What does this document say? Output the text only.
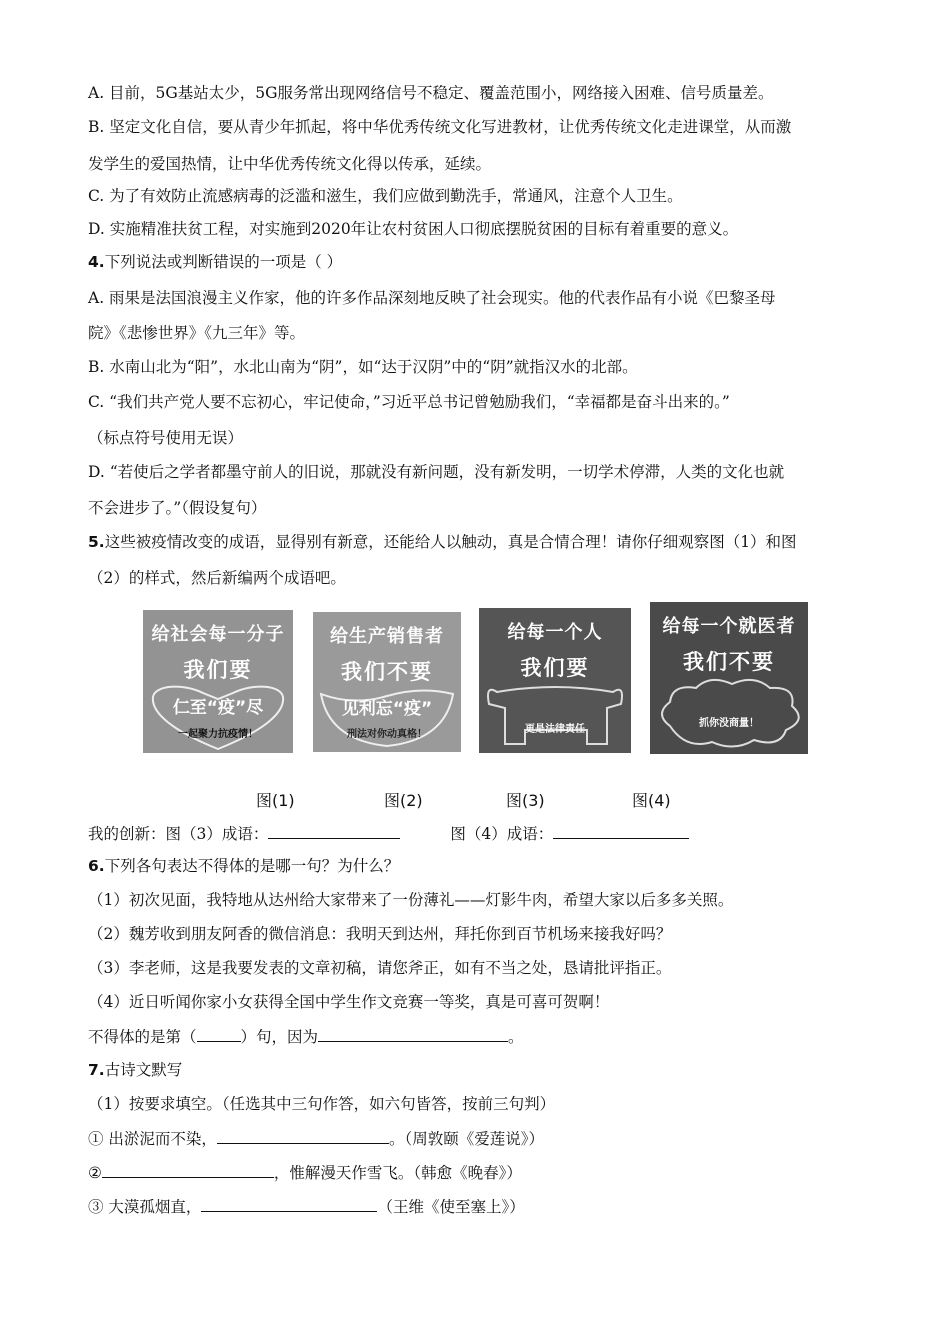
A. 目前，5G基站太少，5G服务常出现网络信号不稳定、覆盖范围小，网络接入困难、信号质量差。
B. 坚定文化自信，要从青少年抓起，将中华优秀传统文化写进教材，让优秀传统文化走进课堂，从而激
发学生的爱国热情，让中华优秀传统文化得以传承，延续。
C. 为了有效防止流感病毒的泛滥和滋生，我们应做到勤洗手，常通风，注意个人卫生。
D. 实施精准扶贫工程，对实施到2020年让农村贫困人口彻底摆脱贫困的目标有着重要的意义。
4.下列说法或判断错误的一项是（ ）
A. 雨果是法国浪漫主义作家，他的许多作品深刻地反映了社会现实。他的代表作品有小说《巴黎圣母
院》《悲惨世界》《九三年》等。
B. 水南山北为“阳”，水北山南为“阴”，如“达于汉阴”中的“阴”就指汉水的北部。
C. “我们共产党人要不忘初心，牢记使命，”习近平总书记曾勉励我们，“幸福都是奋斗出来的。”
（标点符号使用无误）
D. “若使后之学者都墨守前人的旧说，那就没有新问题，没有新发明，一切学术停滞，人类的文化也就
不会进步了。”（假设复句）
5.这些被疫情改变的成语，显得别有新意，还能给人以触动，真是合情合理！请你仔细观察图（1）和图
（2）的样式，然后新编两个成语吧。
给社会每一分子
我们要
仁至“疫”尽
一起聚力抗疫情！
给生产销售者
我们不要
见利忘“疫”
刑法对你动真格！
给每一个人
我们要
更是法律责任
给每一个就医者
我们不要
抓你没商量！
图(1)	图(2)	图(3)	图(4)
我的创新：图（3）成语：	图（4）成语：
6.下列各句表达不得体的是哪一句？为什么？
（1）初次见面，我特地从达州给大家带来了一份薄礼——灯影牛肉，希望大家以后多多关照。
（2）魏芳收到朋友阿香的微信消息：我明天到达州，拜托你到百节机场来接我好吗？
（3）李老师，这是我要发表的文章初稿，请您斧正，如有不当之处，恳请批评指正。
（4）近日听闻你家小女获得全国中学生作文竞赛一等奖，真是可喜可贺啊！
不得体的是第（	）句，因为	。
7.古诗文默写
（1）按要求填空。（任选其中三句作答，如六句皆答，按前三句判）
① 出淤泥而不染，	。（周敦颐《爱莲说》）
②	，惟解漫天作雪飞。（韩愈《晚春》）
③ 大漠孤烟直，	（王维《使至塞上》）
